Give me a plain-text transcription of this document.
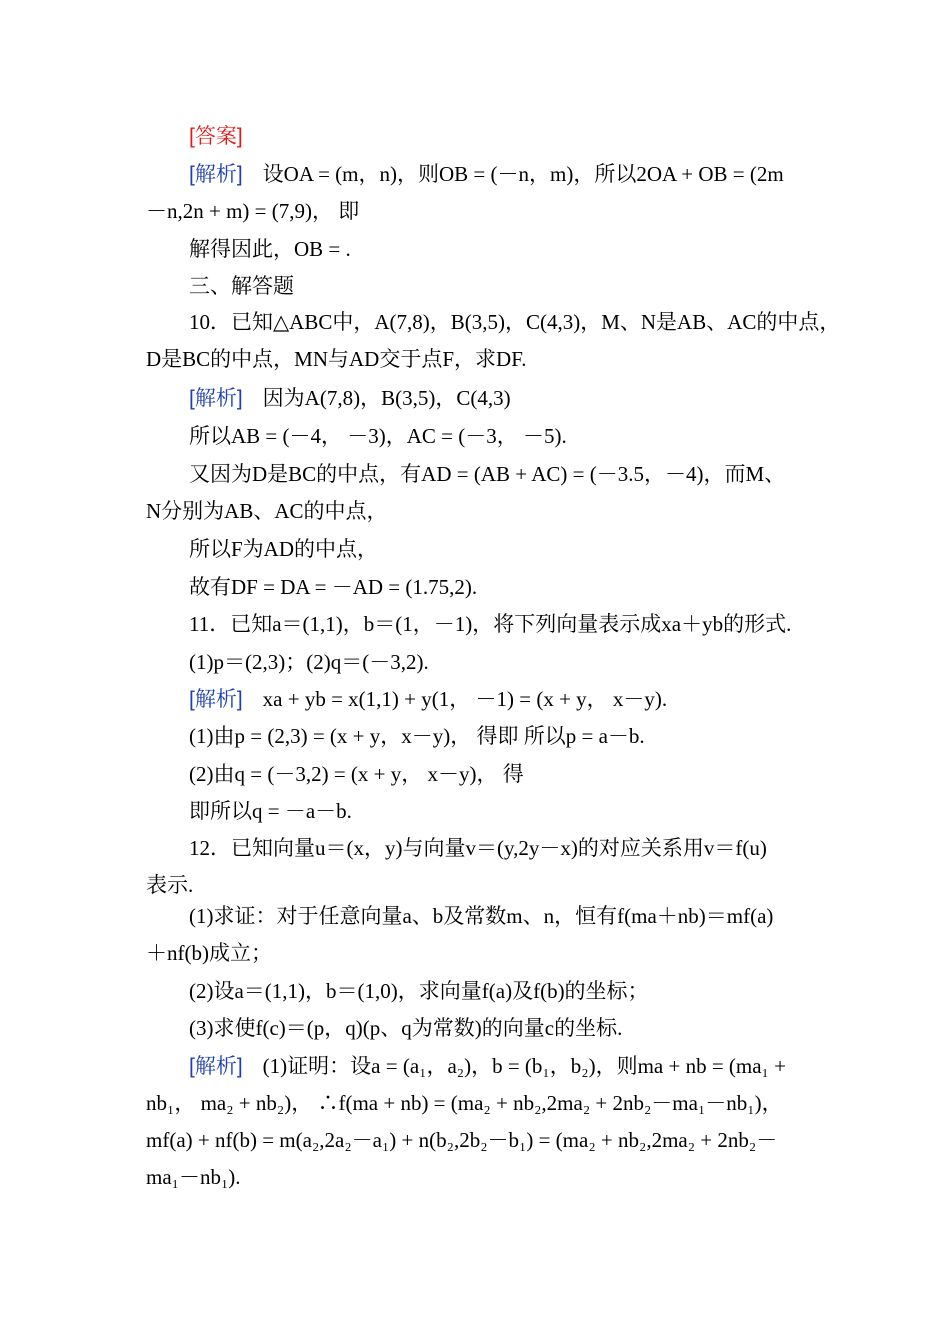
[答案]
[解析] 设OA = (m，n)，则OB = (－n，m)，所以2OA + OB = (2m
－n,2n + m) = (7,9)， 即
解得因此，OB = .
三、解答题
10．已知△ABC中，A(7,8)，B(3,5)，C(4,3)，M、N是AB、AC的中点，
D是BC的中点，MN与AD交于点F，求DF.
[解析] 因为A(7,8)，B(3,5)，C(4,3)
所以AB = (－4， －3)，AC = (－3， －5).
又因为D是BC的中点，有AD = (AB + AC) = (－3.5，－4)，而M、
N分别为AB、AC的中点，
所以F为AD的中点，
故有DF = DA = －AD = (1.75,2).
11．已知a＝(1,1)，b＝(1，－1)，将下列向量表示成xa＋yb的形式.
(1)p＝(2,3)；(2)q＝(－3,2).
[解析] xa + yb = x(1,1) + y(1， －1) = (x + y， x－y).
(1)由p = (2,3) = (x + y，x－y)， 得即 所以p = a－b.
(2)由q = (－3,2) = (x + y， x－y)， 得
即所以q = －a－b.
12．已知向量u＝(x，y)与向量v＝(y,2y－x)的对应关系用v＝f(u)
表示.
(1)求证：对于任意向量a、b及常数m、n，恒有f(ma＋nb)＝mf(a)
＋nf(b)成立；
(2)设a＝(1,1)，b＝(1,0)，求向量f(a)及f(b)的坐标；
(3)求使f(c)＝(p，q)(p、q为常数)的向量c的坐标.
[解析] (1)证明：设a = (a₁，a₂)，b = (b₁，b₂)，则ma + nb = (ma₁ +
nb₁， ma₂ + nb₂)， ∴f(ma + nb) = (ma₂ + nb₂,2ma₂ + 2nb₂－ma₁－nb₁)，
mf(a) + nf(b) = m(a₂,2a₂－a₁) + n(b₂,2b₂－b₁) = (ma₂ + nb₂,2ma₂ + 2nb₂－
ma₁－nb₁).
